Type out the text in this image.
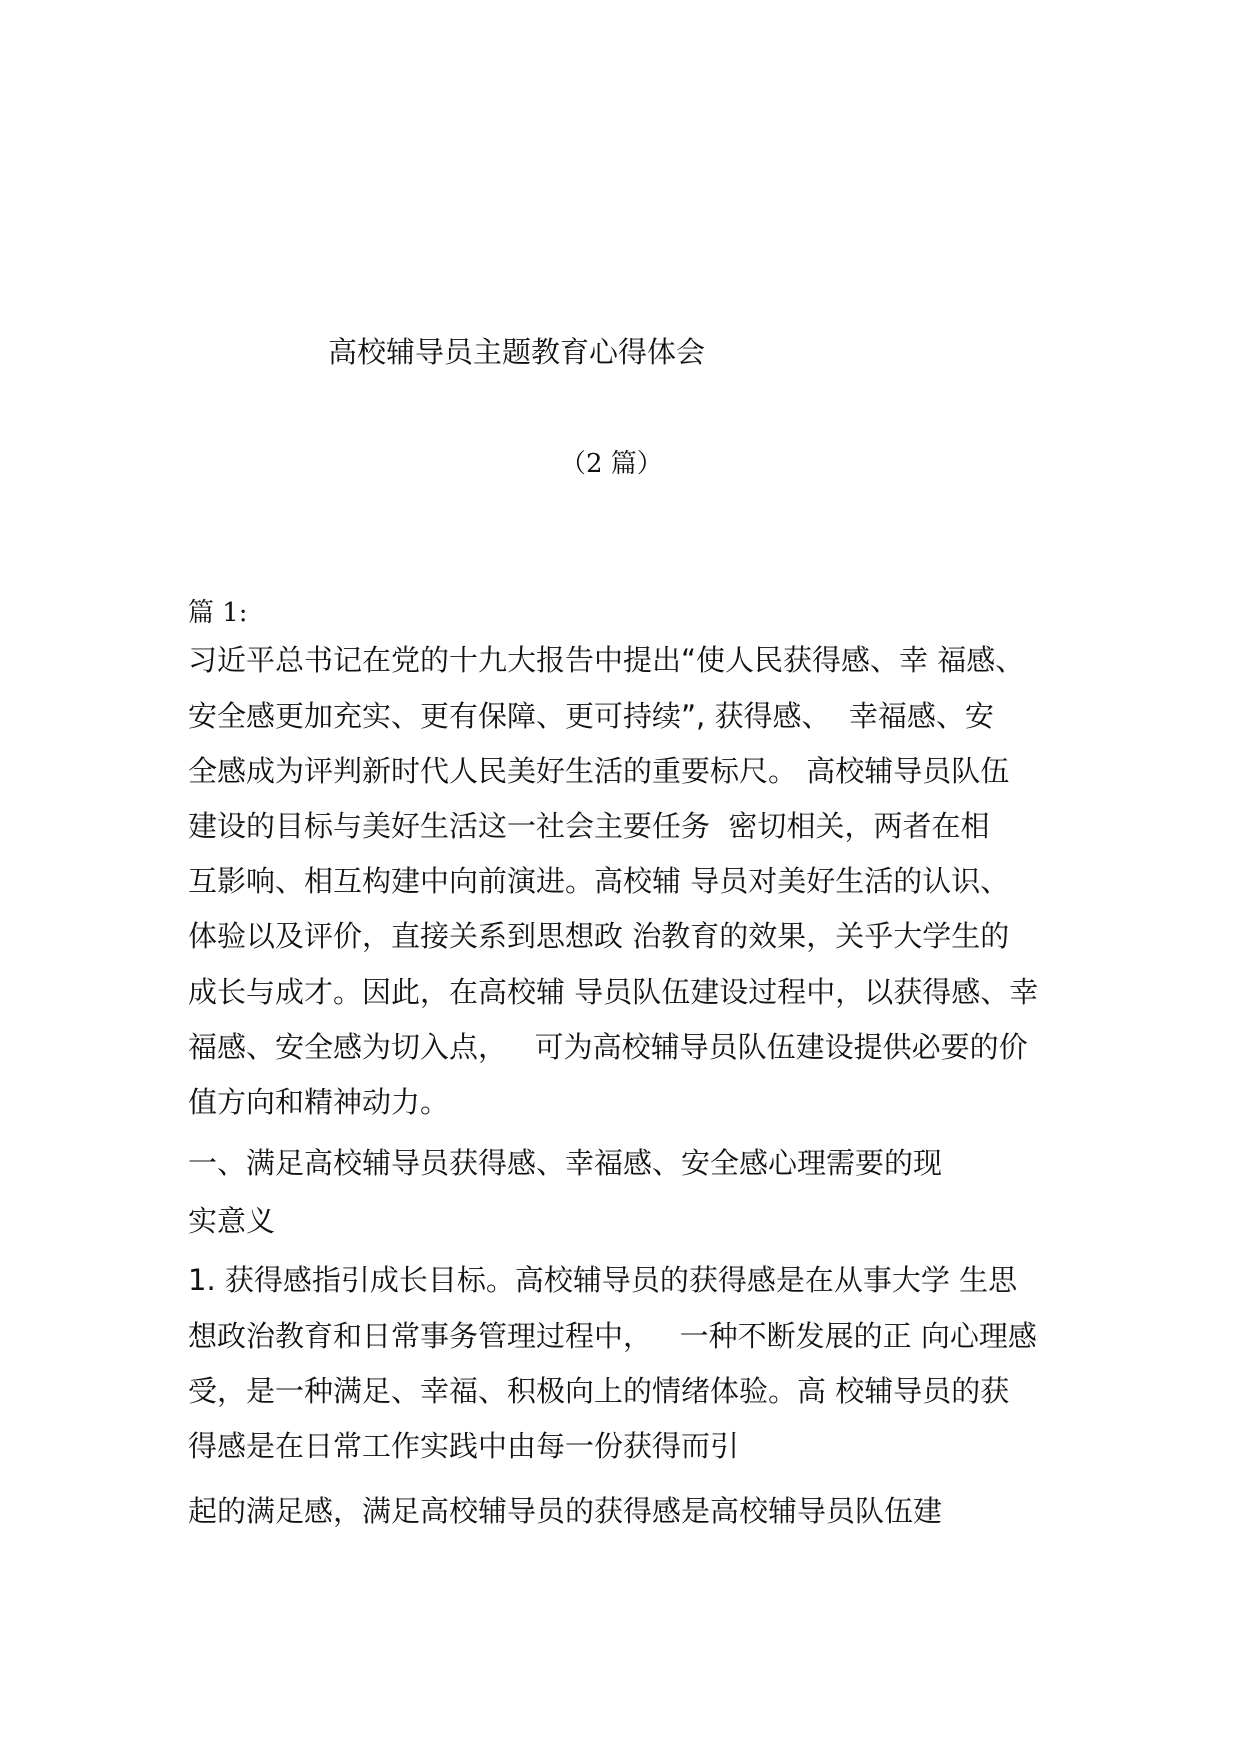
高校辅导员主题教育心得体会
（2 篇）
篇 1:
习近平总书记在党的十九大报告中提出“使人民获得感、幸 福感、
安全感更加充实、更有保障、更可持续”, 获得感、  幸福感、安
全感成为评判新时代人民美好生活的重要标尺。 高校辅导员队伍
建设的目标与美好生活这一社会主要任务  密切相关，两者在相
互影响、相互构建中向前演进。高校辅 导员对美好生活的认识、
体验以及评价，直接关系到思想政 治教育的效果，关乎大学生的
成长与成才。因此，在高校辅 导员队伍建设过程中，以获得感、幸
福感、安全感为切入点，   可为高校辅导员队伍建设提供必要的价
值方向和精神动力。
一、满足高校辅导员获得感、幸福感、安全感心理需要的现
实意义
1. 获得感指引成长目标。高校辅导员的获得感是在从事大学 生思
想政治教育和日常事务管理过程中，   一种不断发展的正 向心理感
受，是一种满足、幸福、积极向上的情绪体验。高 校辅导员的获
得感是在日常工作实践中由每一份获得而引
起的满足感，满足高校辅导员的获得感是高校辅导员队伍建
